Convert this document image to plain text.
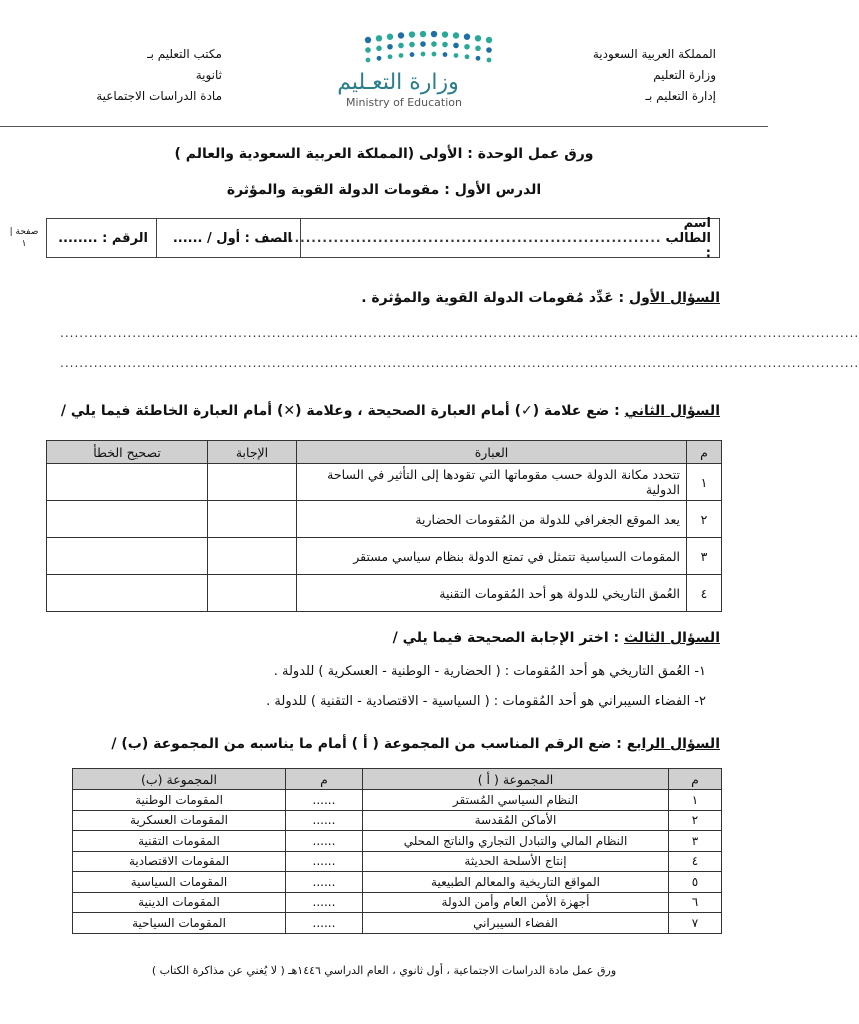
المملكة العربية السعودية
وزارة التعليم
إدارة التعليم بـ
مكتب التعليم بـ
ثانوية
مادة الدراسات الاجتماعية
وزارة التعـليم
Ministry of Education
ورق عمل الوحدة : الأولى (المملكة العربية السعودية والعالم )
الدرس الأول : مقومات الدولة القوية والمؤثرة
اسم الطالب :
........................................................................
الصف : أول / ......
الرقم : ........
صفحة |
١
السؤال الأول : عَدِّد مُقومات الدولة القوية والمؤثرة .
......................................................................................................................................................................
......................................................................................................................................................................
السؤال الثاني : ضع علامة (✓) أمام العبارة الصحيحة ، وعلامة (✕) أمام العبارة الخاطئة فيما يلي /
م	العبارة	الإجابة	تصحيح الخطأ
١	تتحدد مكانة الدولة حسب مقوماتها التي تقودها إلى التأثير في الساحة الدولية		
٢	يعد الموقع الجغرافي للدولة من المُقومات الحضارية		
٣	المقومات السياسية تتمثل في تمتع الدولة بنظام سياسي مستقر		
٤	العُمق التاريخي للدولة هو أحد المُقومات التقنية		
السؤال الثالث : اختر الإجابة الصحيحة فيما يلي /
١- العُمق التاريخي هو أحد المُقومات : ( الحضارية - الوطنية - العسكرية ) للدولة .
٢- الفضاء السيبراني هو أحد المُقومات : ( السياسية - الاقتصادية - التقنية ) للدولة .
السؤال الرابع : ضع الرقم المناسب من المجموعة ( أ ) أمام ما يناسبه من المجموعة (ب) /
م	المجموعة ( أ )	م	المجموعة (ب)
١	النظام السياسي المُستقر	......	المقومات الوطنية
٢	الأماكن المُقدسة	......	المقومات العسكرية
٣	النظام المالي والتبادل التجاري والناتج المحلي	......	المقومات التقنية
٤	إنتاج الأسلحة الحديثة	......	المقومات الاقتصادية
٥	المواقع التاريخية والمعالم الطبيعية	......	المقومات السياسية
٦	أجهزة الأمن العام وأمن الدولة	......	المقومات الدينية
٧	الفضاء السيبراني	......	المقومات السياحية
ورق عمل مادة الدراسات الاجتماعية ، أول ثانوي ، العام الدراسي ١٤٤٦هـ ( لا يُغني عن مذاكرة الكتاب )
